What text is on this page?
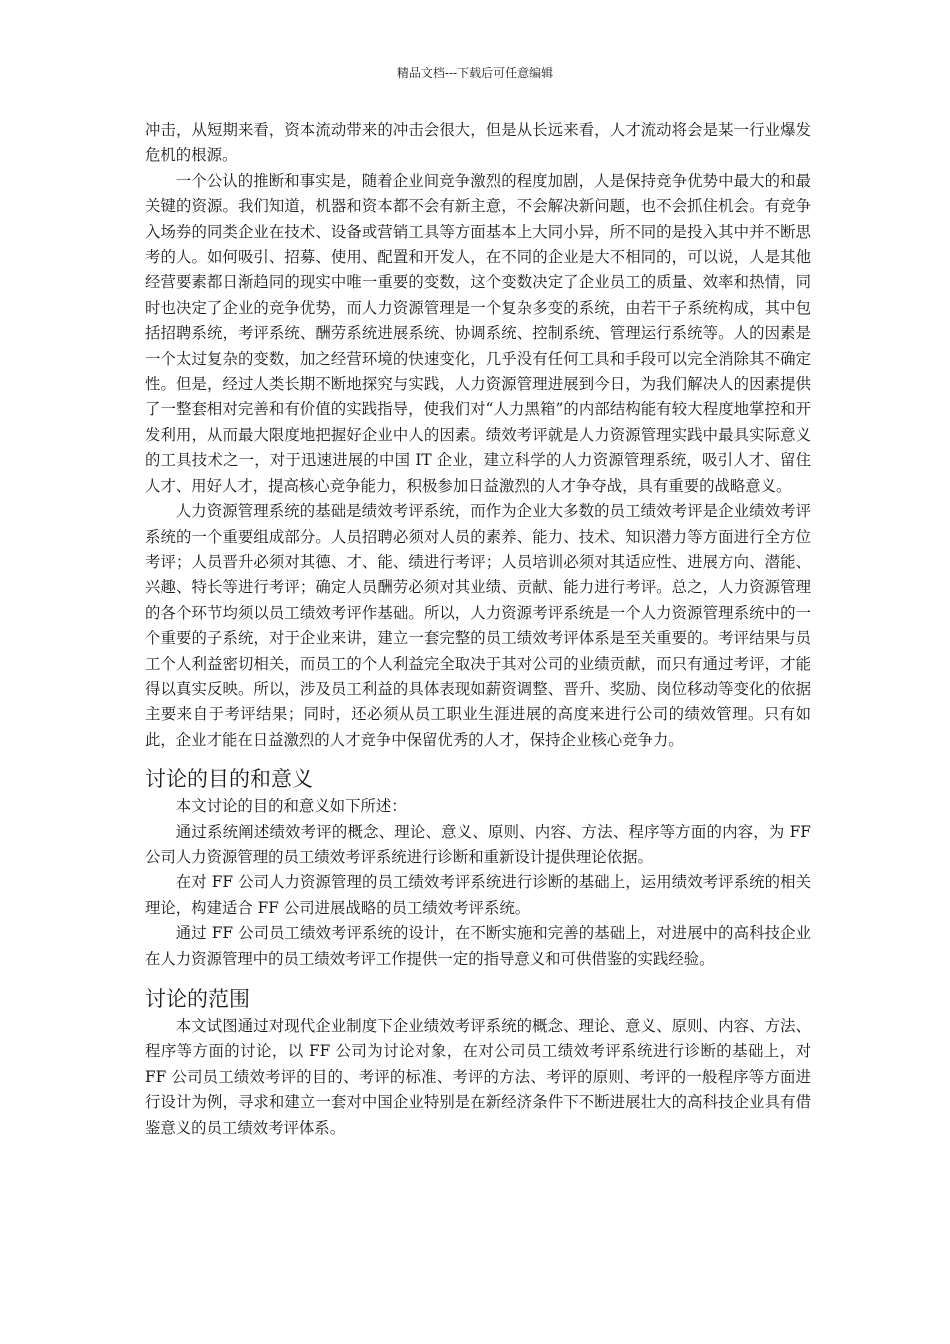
精品文档---下载后可任意编辑

冲击，从短期来看，资本流动带来的冲击会很大，但是从长远来看，人才流动将会是某一行业爆发危机的根源。

一个公认的推断和事实是，随着企业间竞争激烈的程度加剧，人是保持竞争优势中最大的和最关键的资源。我们知道，机器和资本都不会有新主意，不会解决新问题，也不会抓住机会。有竞争入场券的同类企业在技术、设备或营销工具等方面基本上大同小异，所不同的是投入其中并不断思考的人。如何吸引、招募、使用、配置和开发人，在不同的企业是大不相同的，可以说，人是其他经营要素都日渐趋同的现实中唯一重要的变数，这个变数决定了企业员工的质量、效率和热情，同时也决定了企业的竞争优势，而人力资源管理是一个复杂多变的系统，由若干子系统构成，其中包括招聘系统，考评系统、酬劳系统进展系统、协调系统、控制系统、管理运行系统等。人的因素是一个太过复杂的变数，加之经营环境的快速变化，几乎没有任何工具和手段可以完全消除其不确定性。但是，经过人类长期不断地探究与实践，人力资源管理进展到今日，为我们解决人的因素提供了一整套相对完善和有价值的实践指导，使我们对“人力黑箱”的内部结构能有较大程度地掌控和开发利用，从而最大限度地把握好企业中人的因素。绩效考评就是人力资源管理实践中最具实际意义的工具技术之一，对于迅速进展的中国 IT 企业，建立科学的人力资源管理系统，吸引人才、留住人才、用好人才，提高核心竞争能力，积极参加日益激烈的人才争夺战，具有重要的战略意义。

人力资源管理系统的基础是绩效考评系统，而作为企业大多数的员工绩效考评是企业绩效考评系统的一个重要组成部分。人员招聘必须对人员的素养、能力、技术、知识潜力等方面进行全方位考评；人员晋升必须对其德、才、能、绩进行考评；人员培训必须对其适应性、进展方向、潜能、兴趣、特长等进行考评；确定人员酬劳必须对其业绩、贡献、能力进行考评。总之，人力资源管理的各个环节均须以员工绩效考评作基础。所以，人力资源考评系统是一个人力资源管理系统中的一个重要的子系统，对于企业来讲，建立一套完整的员工绩效考评体系是至关重要的。考评结果与员工个人利益密切相关，而员工的个人利益完全取决于其对公司的业绩贡献，而只有通过考评，才能得以真实反映。所以，涉及员工利益的具体表现如薪资调整、晋升、奖励、岗位移动等变化的依据主要来自于考评结果；同时，还必须从员工职业生涯进展的高度来进行公司的绩效管理。只有如此，企业才能在日益激烈的人才竞争中保留优秀的人才，保持企业核心竞争力。

讨论的目的和意义

本文讨论的目的和意义如下所述：

通过系统阐述绩效考评的概念、理论、意义、原则、内容、方法、程序等方面的内容，为 FF 公司人力资源管理的员工绩效考评系统进行诊断和重新设计提供理论依据。

在对 FF 公司人力资源管理的员工绩效考评系统进行诊断的基础上，运用绩效考评系统的相关理论，构建适合 FF 公司进展战略的员工绩效考评系统。

通过 FF 公司员工绩效考评系统的设计，在不断实施和完善的基础上，对进展中的高科技企业在人力资源管理中的员工绩效考评工作提供一定的指导意义和可供借鉴的实践经验。

讨论的范围

本文试图通过对现代企业制度下企业绩效考评系统的概念、理论、意义、原则、内容、方法、程序等方面的讨论，以 FF 公司为讨论对象，在对公司员工绩效考评系统进行诊断的基础上，对 FF 公司员工绩效考评的目的、考评的标准、考评的方法、考评的原则、考评的一般程序等方面进行设计为例，寻求和建立一套对中国企业特别是在新经济条件下不断进展壮大的高科技企业具有借鉴意义的员工绩效考评体系。
